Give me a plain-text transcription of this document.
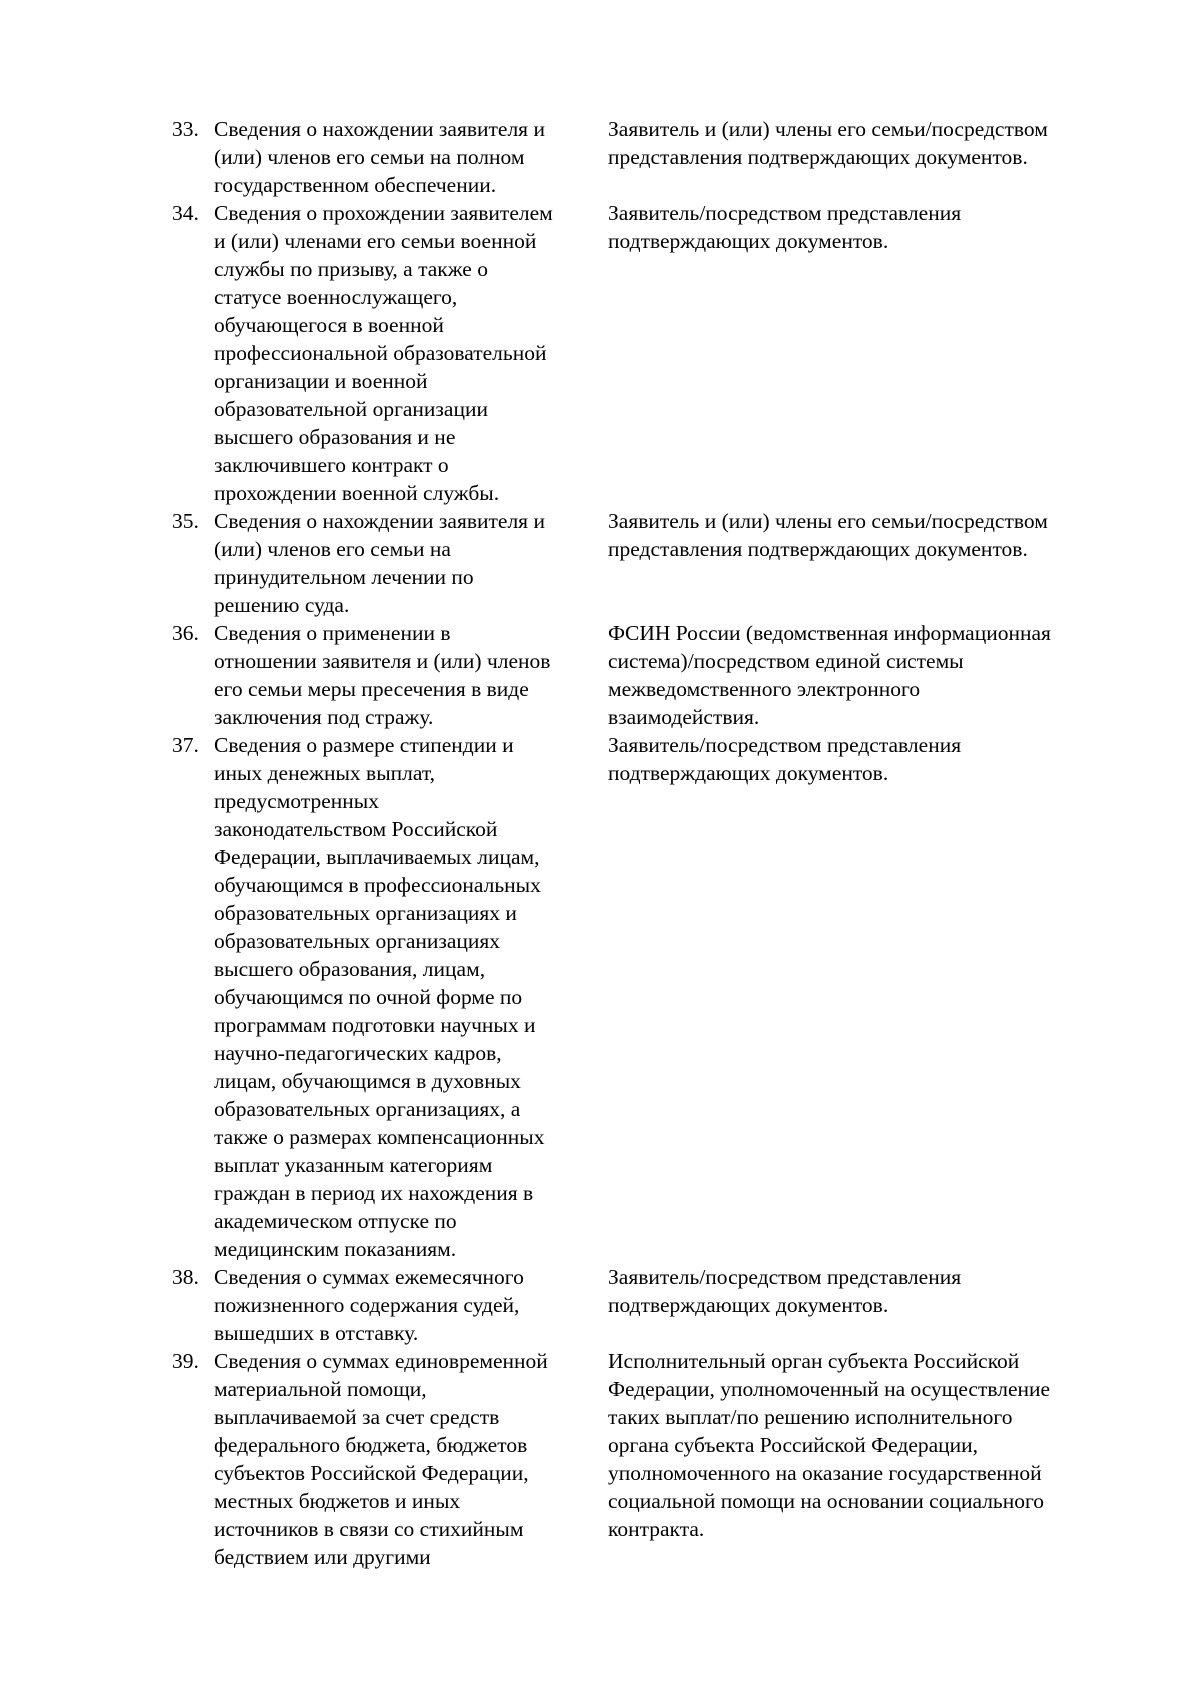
33. Сведения о нахождении заявителя и
(или) членов его семьи на полном
государственном обеспечении.
Заявитель и (или) члены его семьи/посредством
представления подтверждающих документов.
34. Сведения о прохождении заявителем
и (или) членами его семьи военной
службы по призыву, а также о
статусе военнослужащего,
обучающегося в военной
профессиональной образовательной
организации и военной
образовательной организации
высшего образования и не
заключившего контракт о
прохождении военной службы.
Заявитель/посредством представления
подтверждающих документов.
35. Сведения о нахождении заявителя и
(или) членов его семьи на
принудительном лечении по
решению суда.
Заявитель и (или) члены его семьи/посредством
представления подтверждающих документов.
36. Сведения о применении в
отношении заявителя и (или) членов
его семьи меры пресечения в виде
заключения под стражу.
ФСИН России (ведомственная информационная
система)/посредством единой системы
межведомственного электронного
взаимодействия.
37. Сведения о размере стипендии и
иных денежных выплат,
предусмотренных
законодательством Российской
Федерации, выплачиваемых лицам,
обучающимся в профессиональных
образовательных организациях и
образовательных организациях
высшего образования, лицам,
обучающимся по очной форме по
программам подготовки научных и
научно-педагогических кадров,
лицам, обучающимся в духовных
образовательных организациях, а
также о размерах компенсационных
выплат указанным категориям
граждан в период их нахождения в
академическом отпуске по
медицинским показаниям.
Заявитель/посредством представления
подтверждающих документов.
38. Сведения о суммах ежемесячного
пожизненного содержания судей,
вышедших в отставку.
Заявитель/посредством представления
подтверждающих документов.
39. Сведения о суммах единовременной
материальной помощи,
выплачиваемой за счет средств
федерального бюджета, бюджетов
субъектов Российской Федерации,
местных бюджетов и иных
источников в связи со стихийным
бедствием или другими
Исполнительный орган субъекта Российской
Федерации, уполномоченный на осуществление
таких выплат/по решению исполнительного
органа субъекта Российской Федерации,
уполномоченного на оказание государственной
социальной помощи на основании социального
контракта.
